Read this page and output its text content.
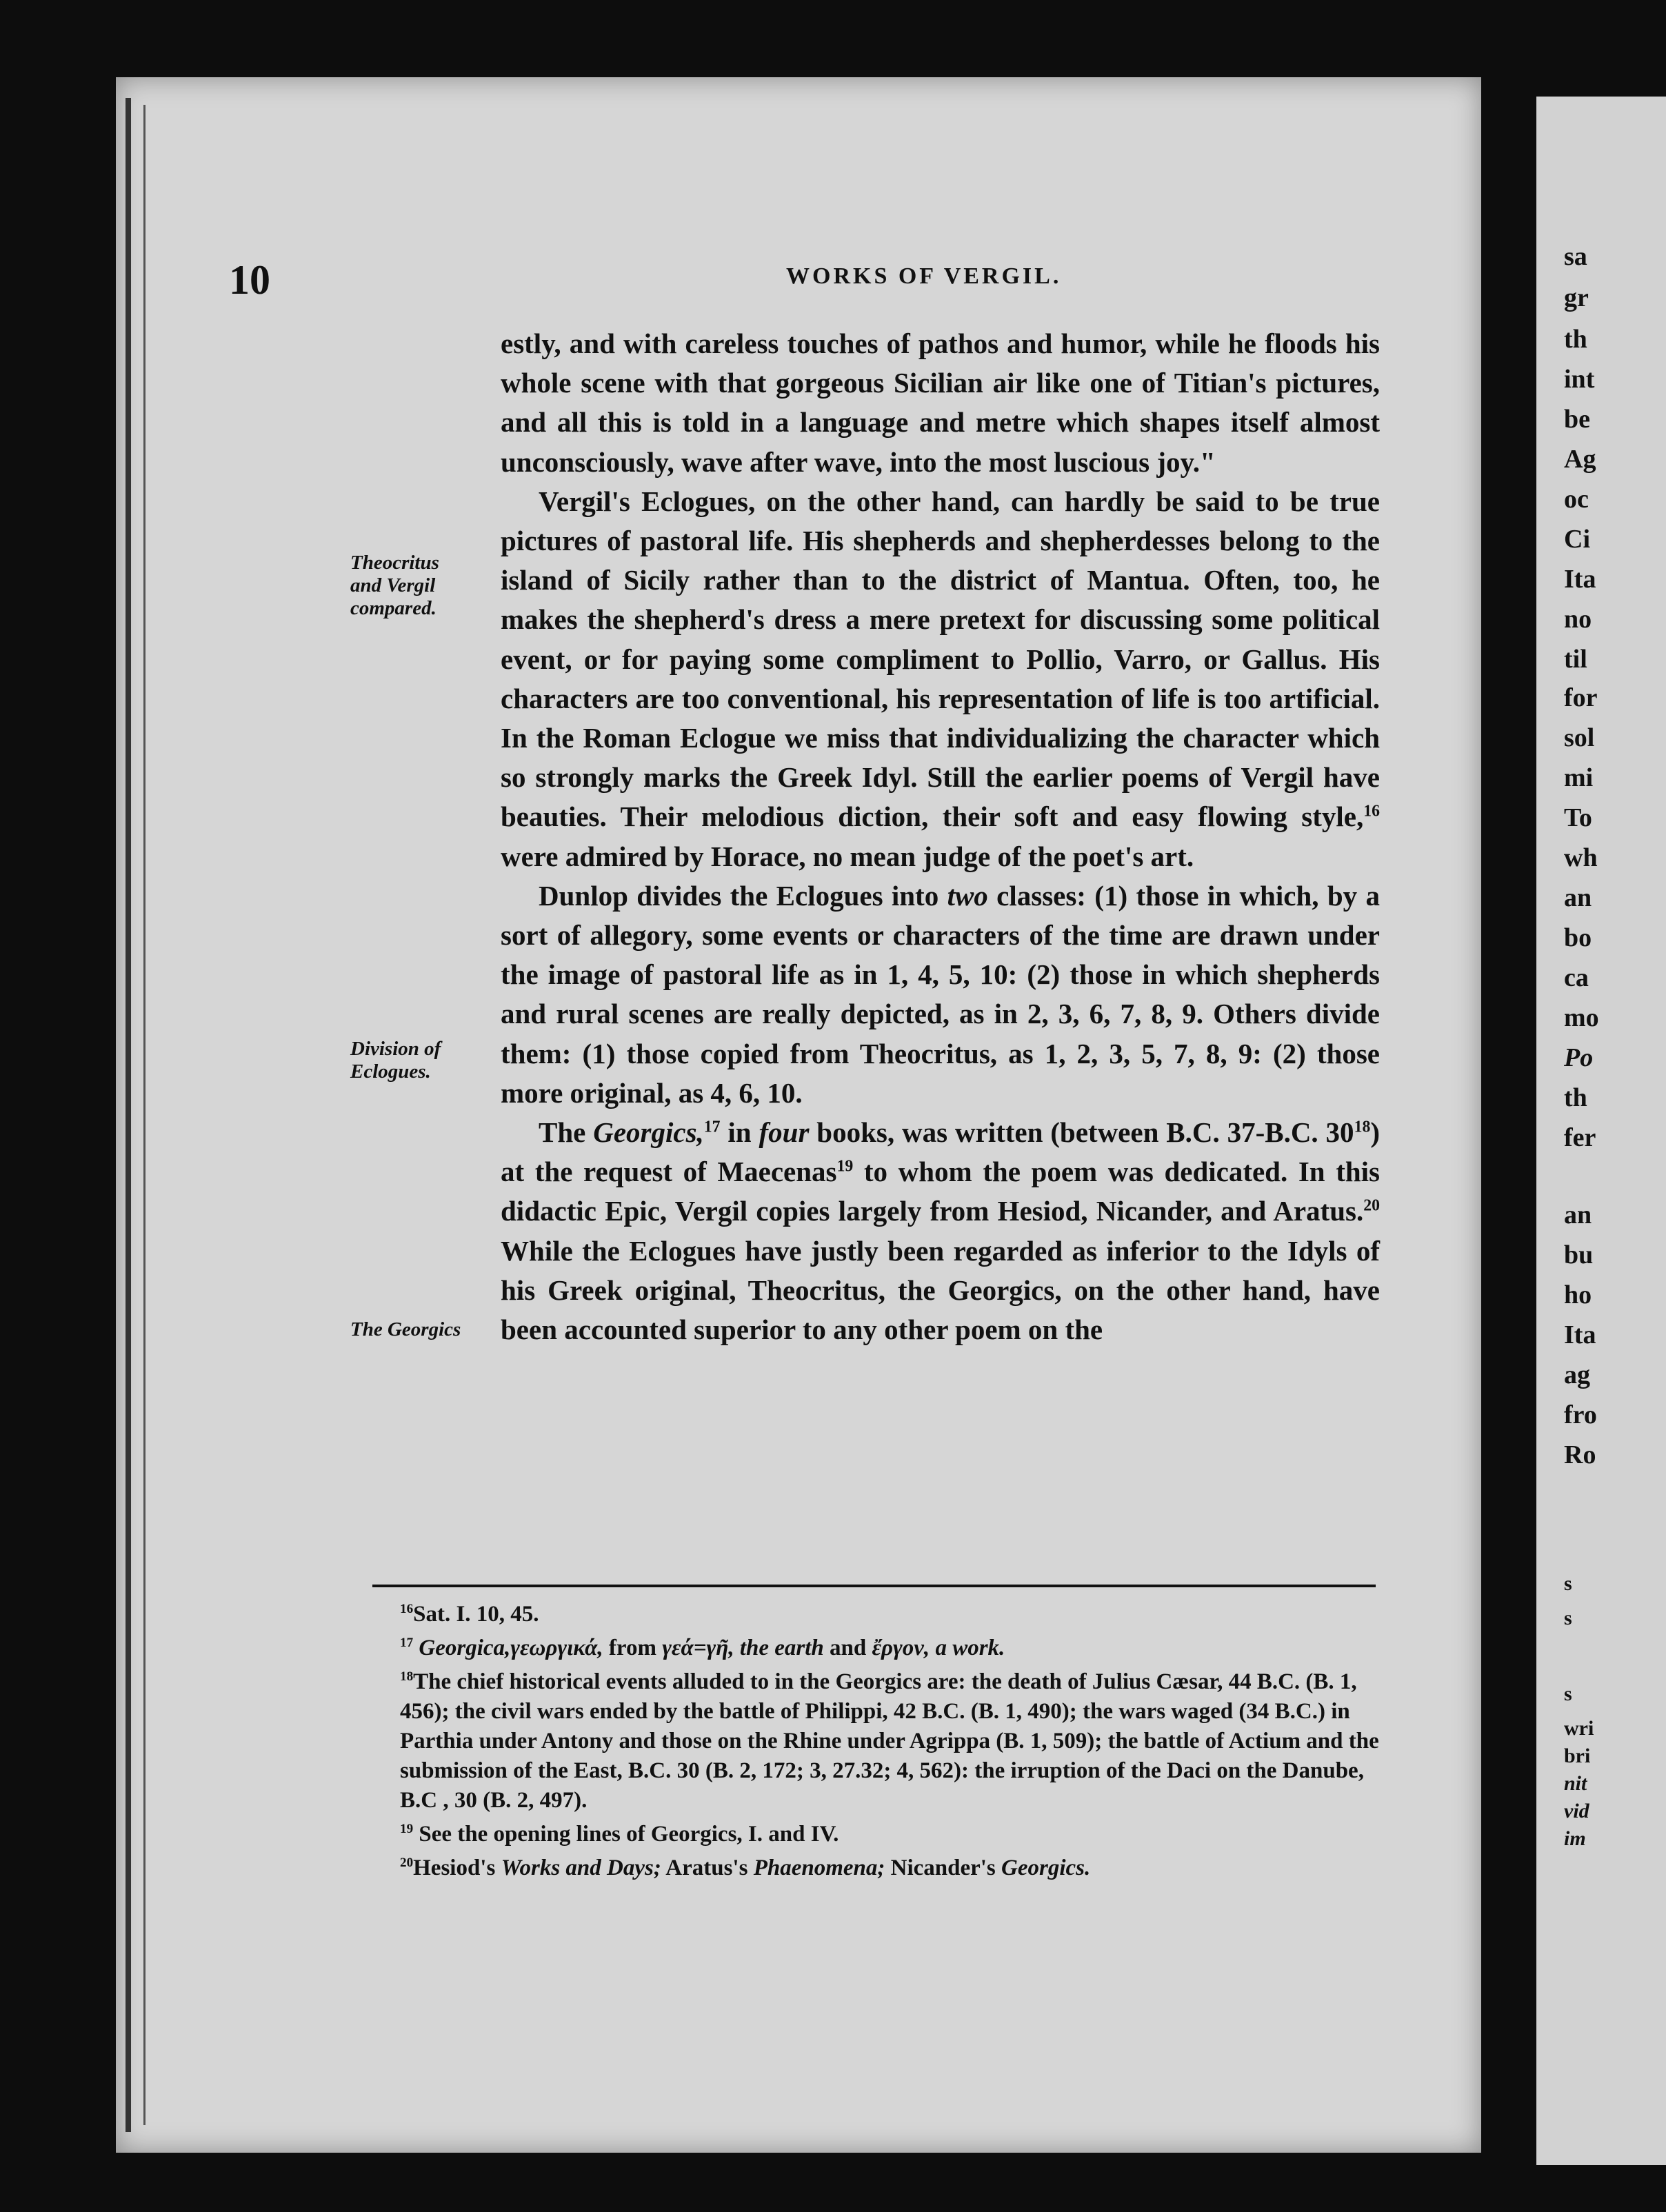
sa
gr
th
int
be
Ag
oc
Ci
Ita
no
til
for
sol
mi
To
wh
an
bo
ca
mo
Po
th
fer
an
bu
ho
Ita
ag
fro
Ro
s
s
s
wri
bri
nit
vid
im
10	WORKS OF VERGIL.

estly, and with careless touches of pathos and humor, while he floods his whole scene with that gorgeous Sicilian air like one of Titian's pictures, and all this is told in a language and metre which shapes itself almost unconsciously, wave after wave, into the most luscious joy."

Vergil's Eclogues, on the other hand, can hardly be said to be true pictures of pastoral life. His shepherds and shepherdesses belong to the island of Sicily rather than to the district of Mantua. Often, too, he makes the shepherd's dress a mere pretext for discussing some political event, or for paying some compliment to Pollio, Varro, or Gallus. His characters are too conventional, his representation of life is too artificial. In the Roman Eclogue we miss that individualizing the character which so strongly marks the Greek Idyl. Still the earlier poems of Vergil have beauties. Their melodious diction, their soft and easy flowing style,$^{16}$ were admired by Horace, no mean judge of the poet's art.

Dunlop divides the Eclogues into two classes: (1) those in which, by a sort of allegory, some events or characters of the time are drawn under the image of pastoral life as in 1, 4, 5, 10: (2) those in which shepherds and rural scenes are really depicted, as in 2, 3, 6, 7, 8, 9. Others divide them: (1) those copied from Theocritus, as 1, 2, 3, 5, 7, 8, 9: (2) those more original, as 4, 6, 10.

The Georgics,$^{17}$ in four books, was written (between B.C. 37-B.C. $30^{18}$) at the request of Maecenas$^{19}$ to whom the poem was dedicated. In this didactic Epic, Vergil copies largely from Hesiod, Nicander, and Aratus.$^{20}$ While the Eclogues have justly been regarded as inferior to the Idyls of his Greek original, Theocritus, the Georgics, on the other hand, have been accounted superior to any other poem on the

Theocritus
and Vergil
compared.
Division of
Eclogues.
The Georgics

$^{16}$Sat. I. 10, 45.

$^{17}$ Georgica,γεωργικά, from γεά=γῆ, the earth and ἔργον, a work.

$^{18}$The chief historical events alluded to in the Georgics are: the death of Julius Cæsar, 44 B.C. (B. 1, 456); the civil wars ended by the battle of Philippi, 42 B.C. (B. 1, 490); the wars waged (34 B.C.) in Parthia under Antony and those on the Rhine under Agrippa (B. 1, 509); the battle of Actium and the submission of the East, B.C. 30 (B. 2, 172; 3, 27.32; 4, 562): the irruption of the Daci on the Danube, B.C , 30 (B. 2, 497).

$^{19}$ See the opening lines of Georgics, I. and IV.

$^{20}$Hesiod's Works and Days; Aratus's Phaenomena; Nicander's Georgics.
